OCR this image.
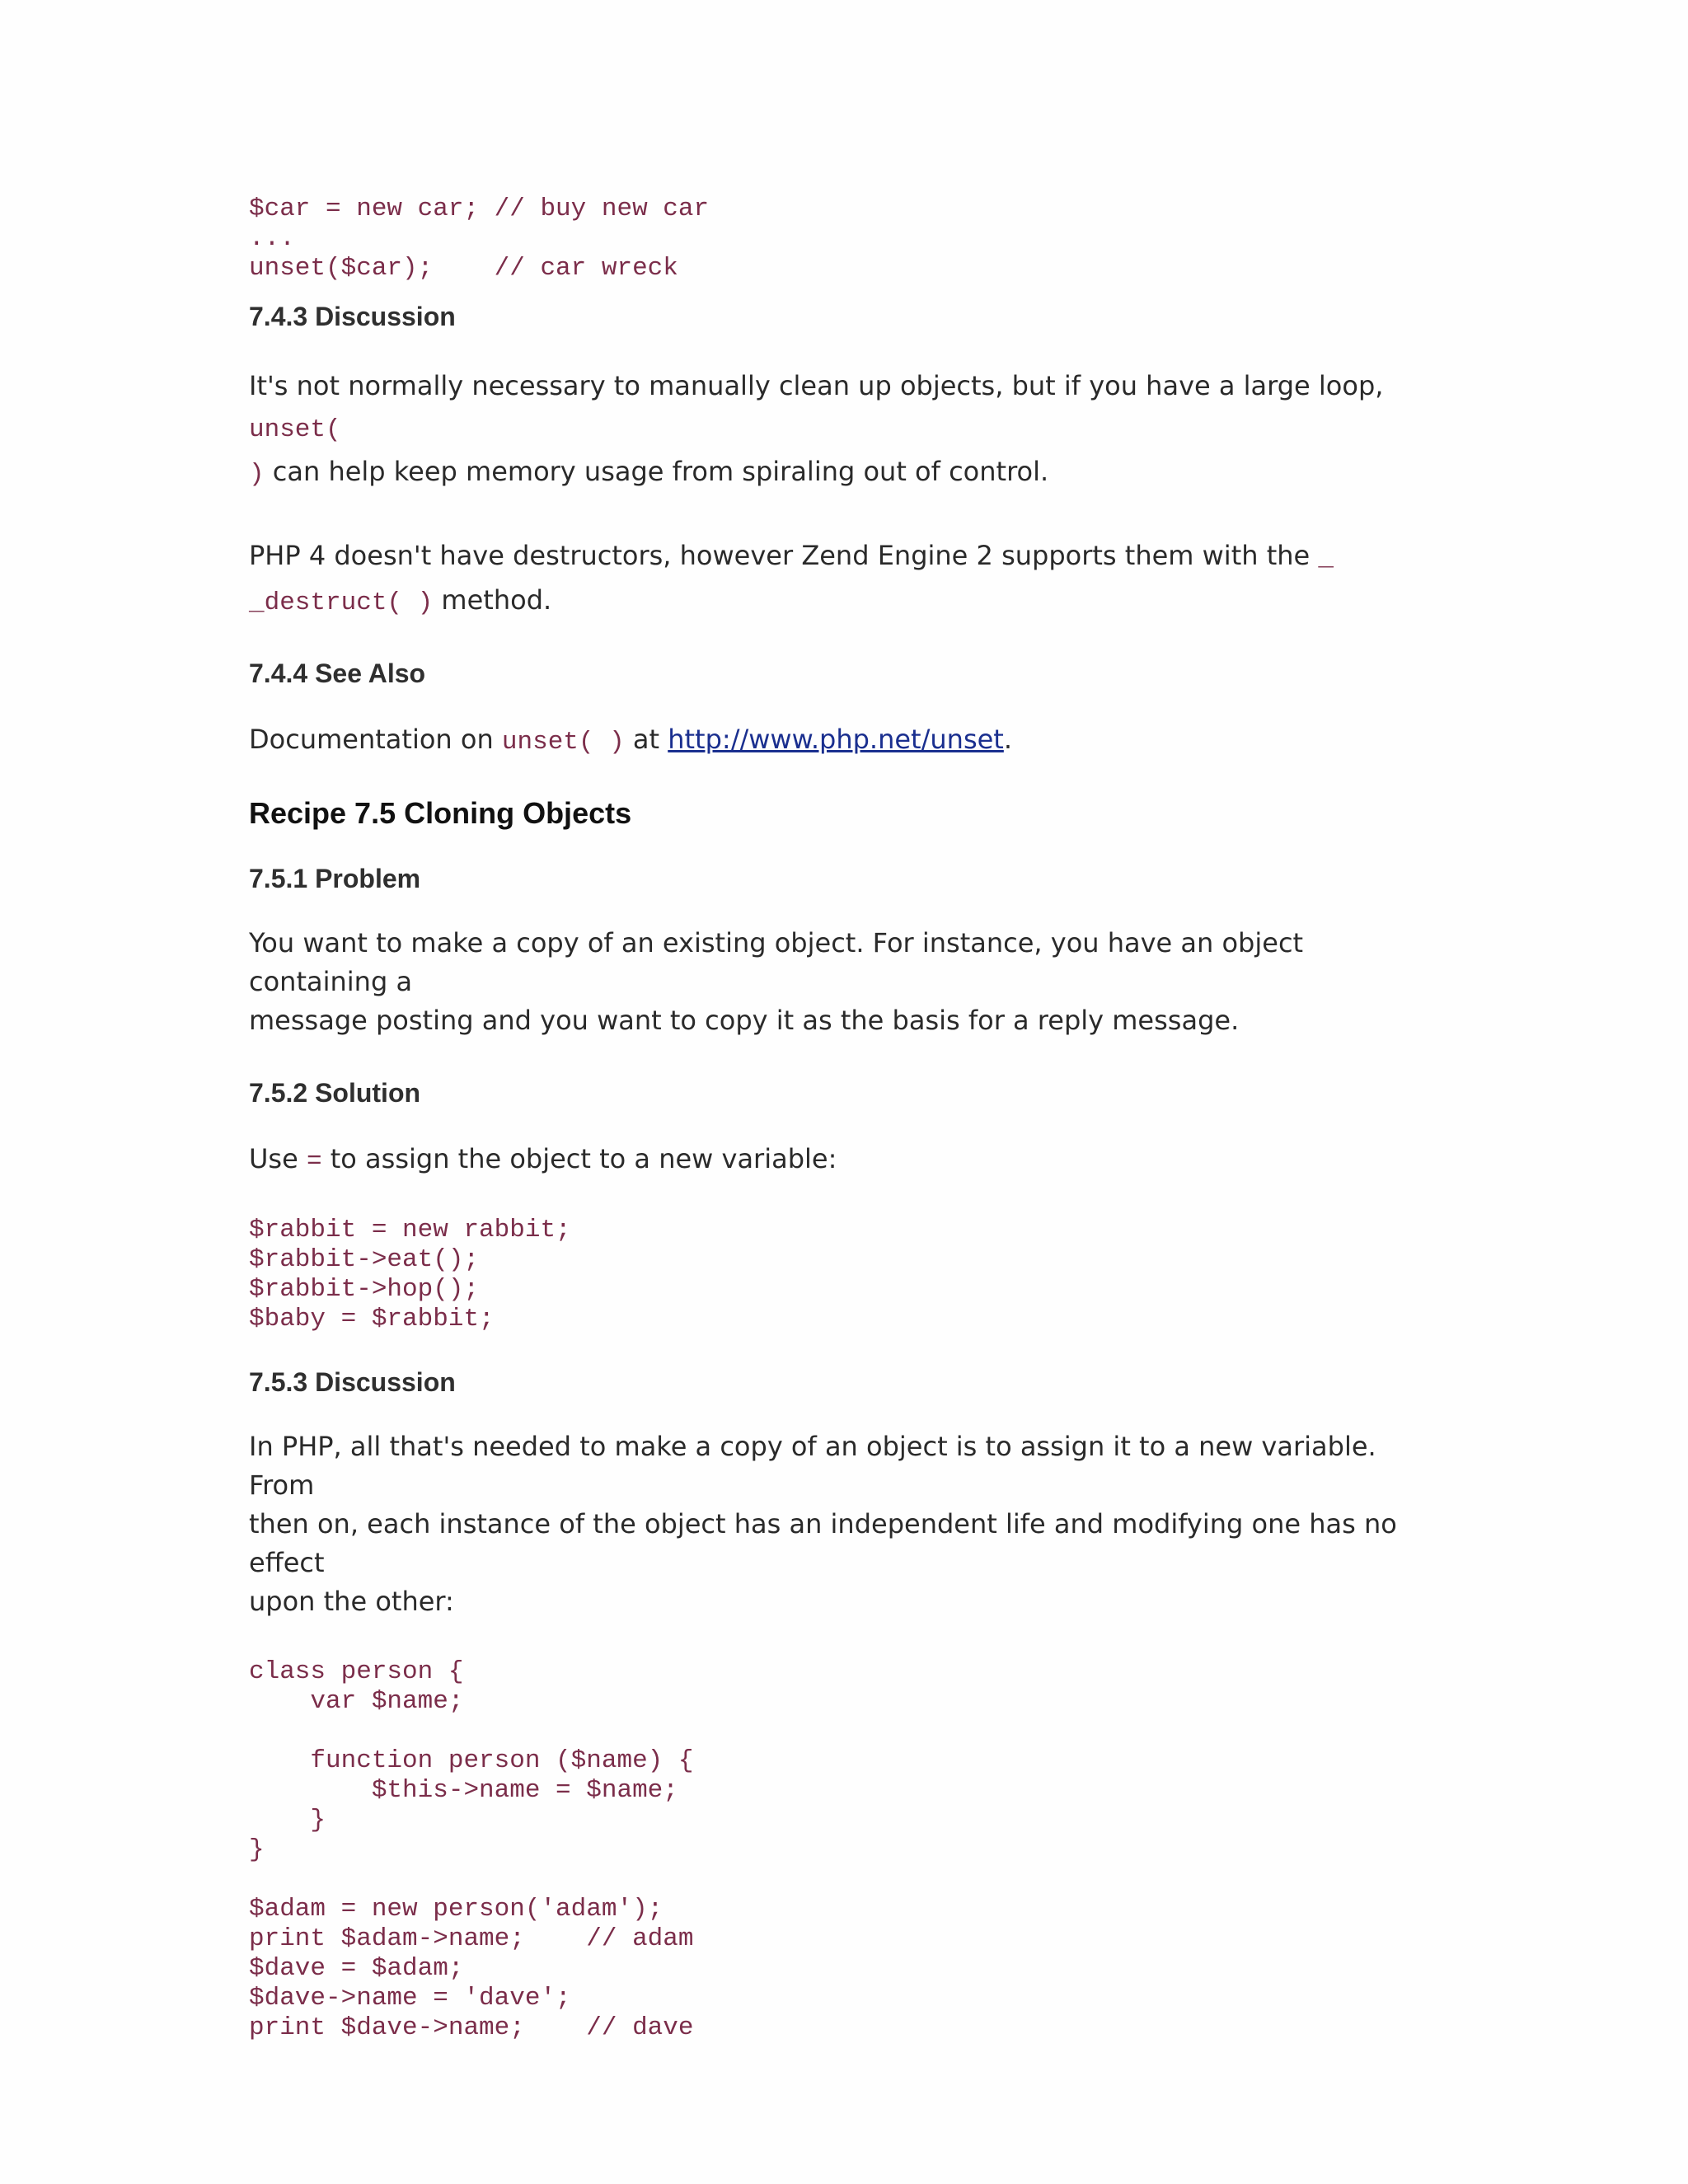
$car = new car; // buy new car
...
unset($car);    // car wreck
7.4.3 Discussion

It's not normally necessary to manually clean up objects, but if you have a large loop, unset(
) can help keep memory usage from spiraling out of control.

PHP 4 doesn't have destructors, however Zend Engine 2 supports them with the _
_destruct( ) method.

7.4.4 See Also

Documentation on unset( ) at http://www.php.net/unset.

Recipe 7.5 Cloning Objects
7.5.1 Problem

You want to make a copy of an existing object. For instance, you have an object containing a
message posting and you want to copy it as the basis for a reply message.

7.5.2 Solution

Use = to assign the object to a new variable:

$rabbit = new rabbit;
$rabbit->eat();
$rabbit->hop();
$baby = $rabbit;
7.5.3 Discussion

In PHP, all that's needed to make a copy of an object is to assign it to a new variable. From
then on, each instance of the object has an independent life and modifying one has no effect
upon the other:

class person {
var $name;

function person ($name) {
$this->name = $name;
}
}

$adam = new person('adam');
print $adam->name;    // adam
$dave = $adam;
$dave->name = 'dave';
print $dave->name;    // dave
